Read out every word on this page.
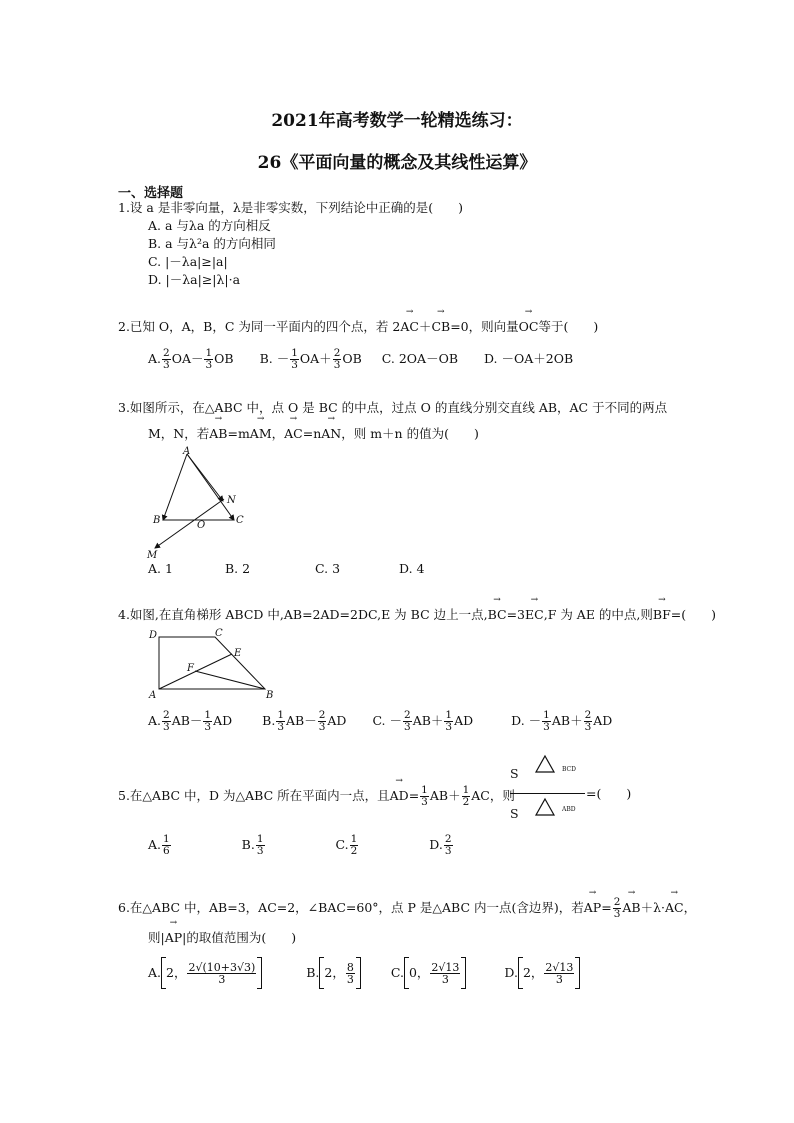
2021年高考数学一轮精选练习：
26《平面向量的概念及其线性运算》
一、选择题
1.设 a 是非零向量，λ是非零实数，下列结论中正确的是(　　)
A. a 与λa 的方向相反
B. a 与λ²a 的方向相同
C. |－λa|≥|a|
D. |－λa|≥|λ|·a
2.已知 O，A，B，C 为同一平面内的四个点，若 2→ AC＋→ CB=0，则向量→ OC等于(　　)
A. $\frac{2}{3} OA- \frac{1}{3}$ OB B. － $\frac{1}{3} OA+ \frac{2}{3}$ OB C. 2OA－OB D. －OA＋2OB
3.如图所示，在△ABC 中，点 O 是 BC 的中点，过点 O 的直线分别交直线 AB，AC 于不同的两点
M，N，若→ AB=m→ AM，→ AC=n→ AN，则 m＋n 的值为(　　)
A
N
B	O	C
M
A. 1	B. 2	C. 3	D. 4
4.如图,在直角梯形 ABCD 中,AB=2AD=2DC,E 为 BC 边上一点,→ BC=3→ EC,F 为 AE 的中点,则→ BF=(　　)
D	C
E
F
A	B
A. $\frac{2}{3} AB- \frac{1}{3}$ AD B. $\frac{1}{3} AB- \frac{2}{3}$ AD C. － $\frac{2}{3} AB+ \frac{1}{3}$ AD	D. － $\frac{1}{3} AB+ \frac{2}{3}$ AD
5.在△ABC 中，D 为△ABC 所在平面内一点，且→ $AD= \frac{1}{3} AB+ \frac{1}{2}$ AC，则
S	BCD
S	ABD
=(　　)
A. $\frac{1}{6}$	B. $\frac{1}{3}$	C. $\frac{1}{2}$	D. $\frac{2}{3}$
6.在△ABC 中，AB=3，AC=2，∠BAC=60°，点 P 是△ABC 内一点(含边界)，若→ $AP= \frac{2}{3}$
→ AB＋λ·→ AC，
则|→ AP|的取值范围为(　　)
A. 2， $\frac{2√(10+3√3)}{3}$	B. 2， $\frac{8}{3}$	C. 0， $\frac{2√13}{3}$	D. 2， $\frac{2√13}{3}$
